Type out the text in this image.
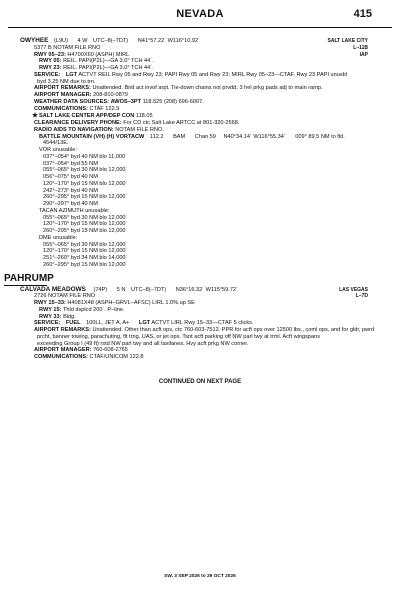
NEVADA	415
OWYHEE (L9U) 4 W UTC–8(–7DT) N41°57.22´ W116°10.92´	SALT LAKE CITY
5377 B NOTAM FILE RNO	L–11B
RWY 05–23: H4700X60 (ASPH) MIRL	IAP
RWY 05: REIL. PAPI(P2L)—GA 3.0° TCH 44´.
RWY 23: REIL. PAPI(P2L)—GA 3.0° TCH 44´.
SERVICE: LGT ACTVT REIL Rwy 05 and Rwy 23; PAPI Rwy 05 and Rwy 23; MIRL Rwy 05–23—CTAF. Rwy 23 PAPI unusbl
byd 3.25 NM due to trn.
AIRPORT REMARKS: Unattended. Bird act invof arpt. Tie-down chains not prvdd. 3 hel prkg pads adj to main ramp.
AIRPORT MANAGER: 208-810-0879
WEATHER DATA SOURCES: AWOS–3PT 118.525 (208) 696-6007.
COMMUNICATIONS: CTAF 122.9
SALT LAKE CENTER APP/DEP CON 118.05
CLEARANCE DELIVERY PHONE: For CD ctc Salt Lake ARTCC at 801-320-2568.
RADIO AIDS TO NAVIGATION: NOTAM FILE RNO.
BATTLE MOUNTAIN (VH) (H) VORTACW 112.2 BAM Chan 59 N40°34.14´ W116°55.34´ 009° 89.5 NM to fld.
4544/13E.
VOR unusable:
037°–054° byd 40 NM blo 11,000´
037°–054° byd 55 NM
055°–065° byd 30 NM blo 12,000´
056°–075° byd 40 NM
120°–170° byd 15 NM blo 12,000´
242°–273° byd 40 NM
260°–295° byd 15 NM blo 12,000´
290°–297° byd 40 NM
TACAN AZIMUTH unusable:
055°–065° byd 30 NM blo 12,000´
120°–170° byd 15 NM blo 12,000´
260°–295° byd 15 NM blo 12,000´
DME unusable:
055°–065° byd 30 NM blo 12,000´
120°–170° byd 15 NM blo 12,000´
251°–260° byd 34 NM blo 14,000´
260°–295° byd 15 NM blo 12,000´
PAHRUMP
CALVADA MEADOWS (74P) 5 N UTC–8(–7DT) N36°16.32´ W115°59.72´	LAS VEGAS
2726 NOTAM FILE RNO	L–7D
RWY 15–33: H4081X48 (ASPH–GRVL–AFSC) LIRL 1.0% up SE
RWY 15: Thld dsplcd 200´. P–line.
RWY 33: Bldg.
SERVICE: FUEL 100LL, JET A, A+ LGT ACTVT LIRL Rwy 15–33—CTAF 5 clicks.
AIRPORT REMARKS: Unattended. Other than acft ops, ctc 760-603-7512. PPR for acft ops over 12500 lbs., coml ops, and for gldr, pwrd
prcht, banner towing, parachuting, flt trng, UAS, or jet ops. Tsnt acft parking off NW parl twy at trml. Acft wingspans
exceeding Group I (49 ft) rstd NW parl twy and all taxilanes. Hvy acft prkg NW corner.
AIRPORT MANAGER: 760-608-2765
COMMUNICATIONS: CTAF/UNICOM 122.8
CONTINUED ON NEXT PAGE
SW, 3 SEP 2026 to 29 OCT 2026
